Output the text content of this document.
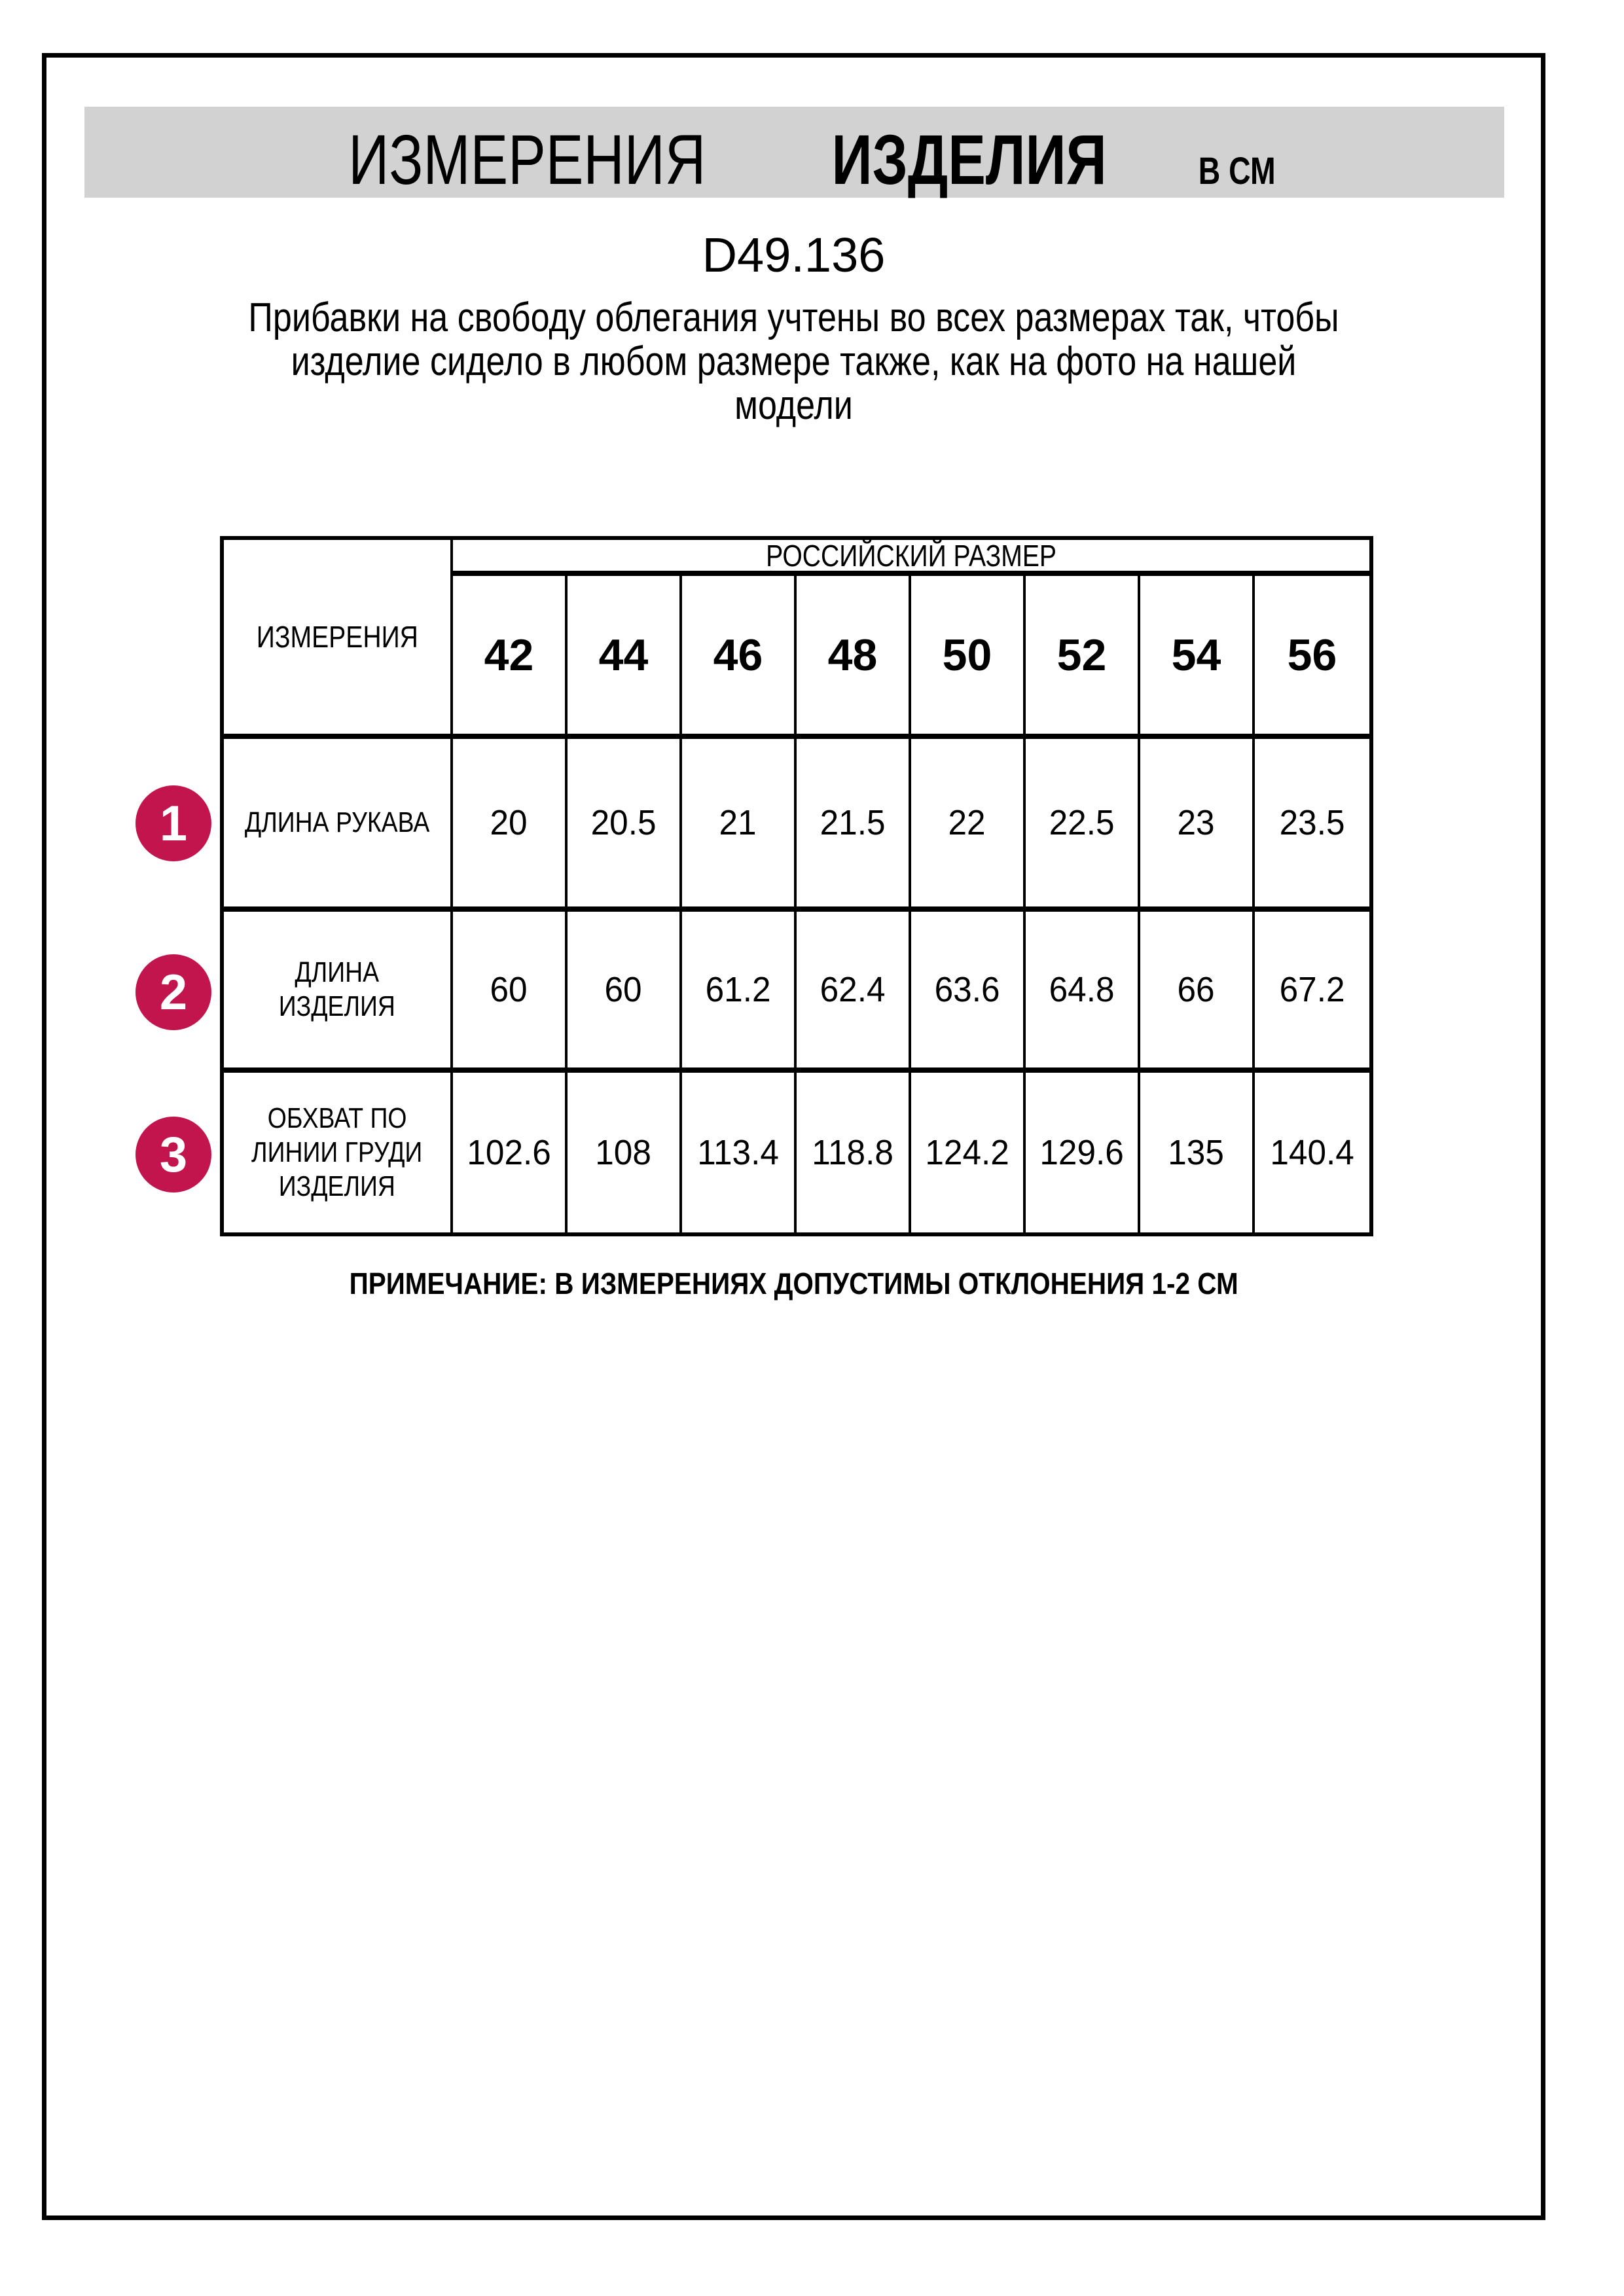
ИЗМЕРЕНИЯ	ИЗДЕЛИЯ	В СМ
D49.136
Прибавки на свободу облегания учтены во всех размерах так, чтобы
изделие сидело в любом размере также, как на фото на нашей
модели
ИЗМЕРЕНИЯ
РОССИЙСКИЙ РАЗМЕР
42	44	46	48	50	52	54	56
ДЛИНА РУКАВА 20 20.5 21 21.5 22 22.5 23 23.5
ДЛИНА
ИЗДЕЛИЯ	60 60 61.2 62.4 63.6 64.8 66 67.2
ОБХВАТ ПО
ЛИНИИ ГРУДИ
ИЗДЕЛИЯ
102.6 108 113.4 118.8 124.2 129.6 135 140.4
1
2
3
ПРИМЕЧАНИЕ: В ИЗМЕРЕНИЯХ ДОПУСТИМЫ ОТКЛОНЕНИЯ 1-2 СМ
